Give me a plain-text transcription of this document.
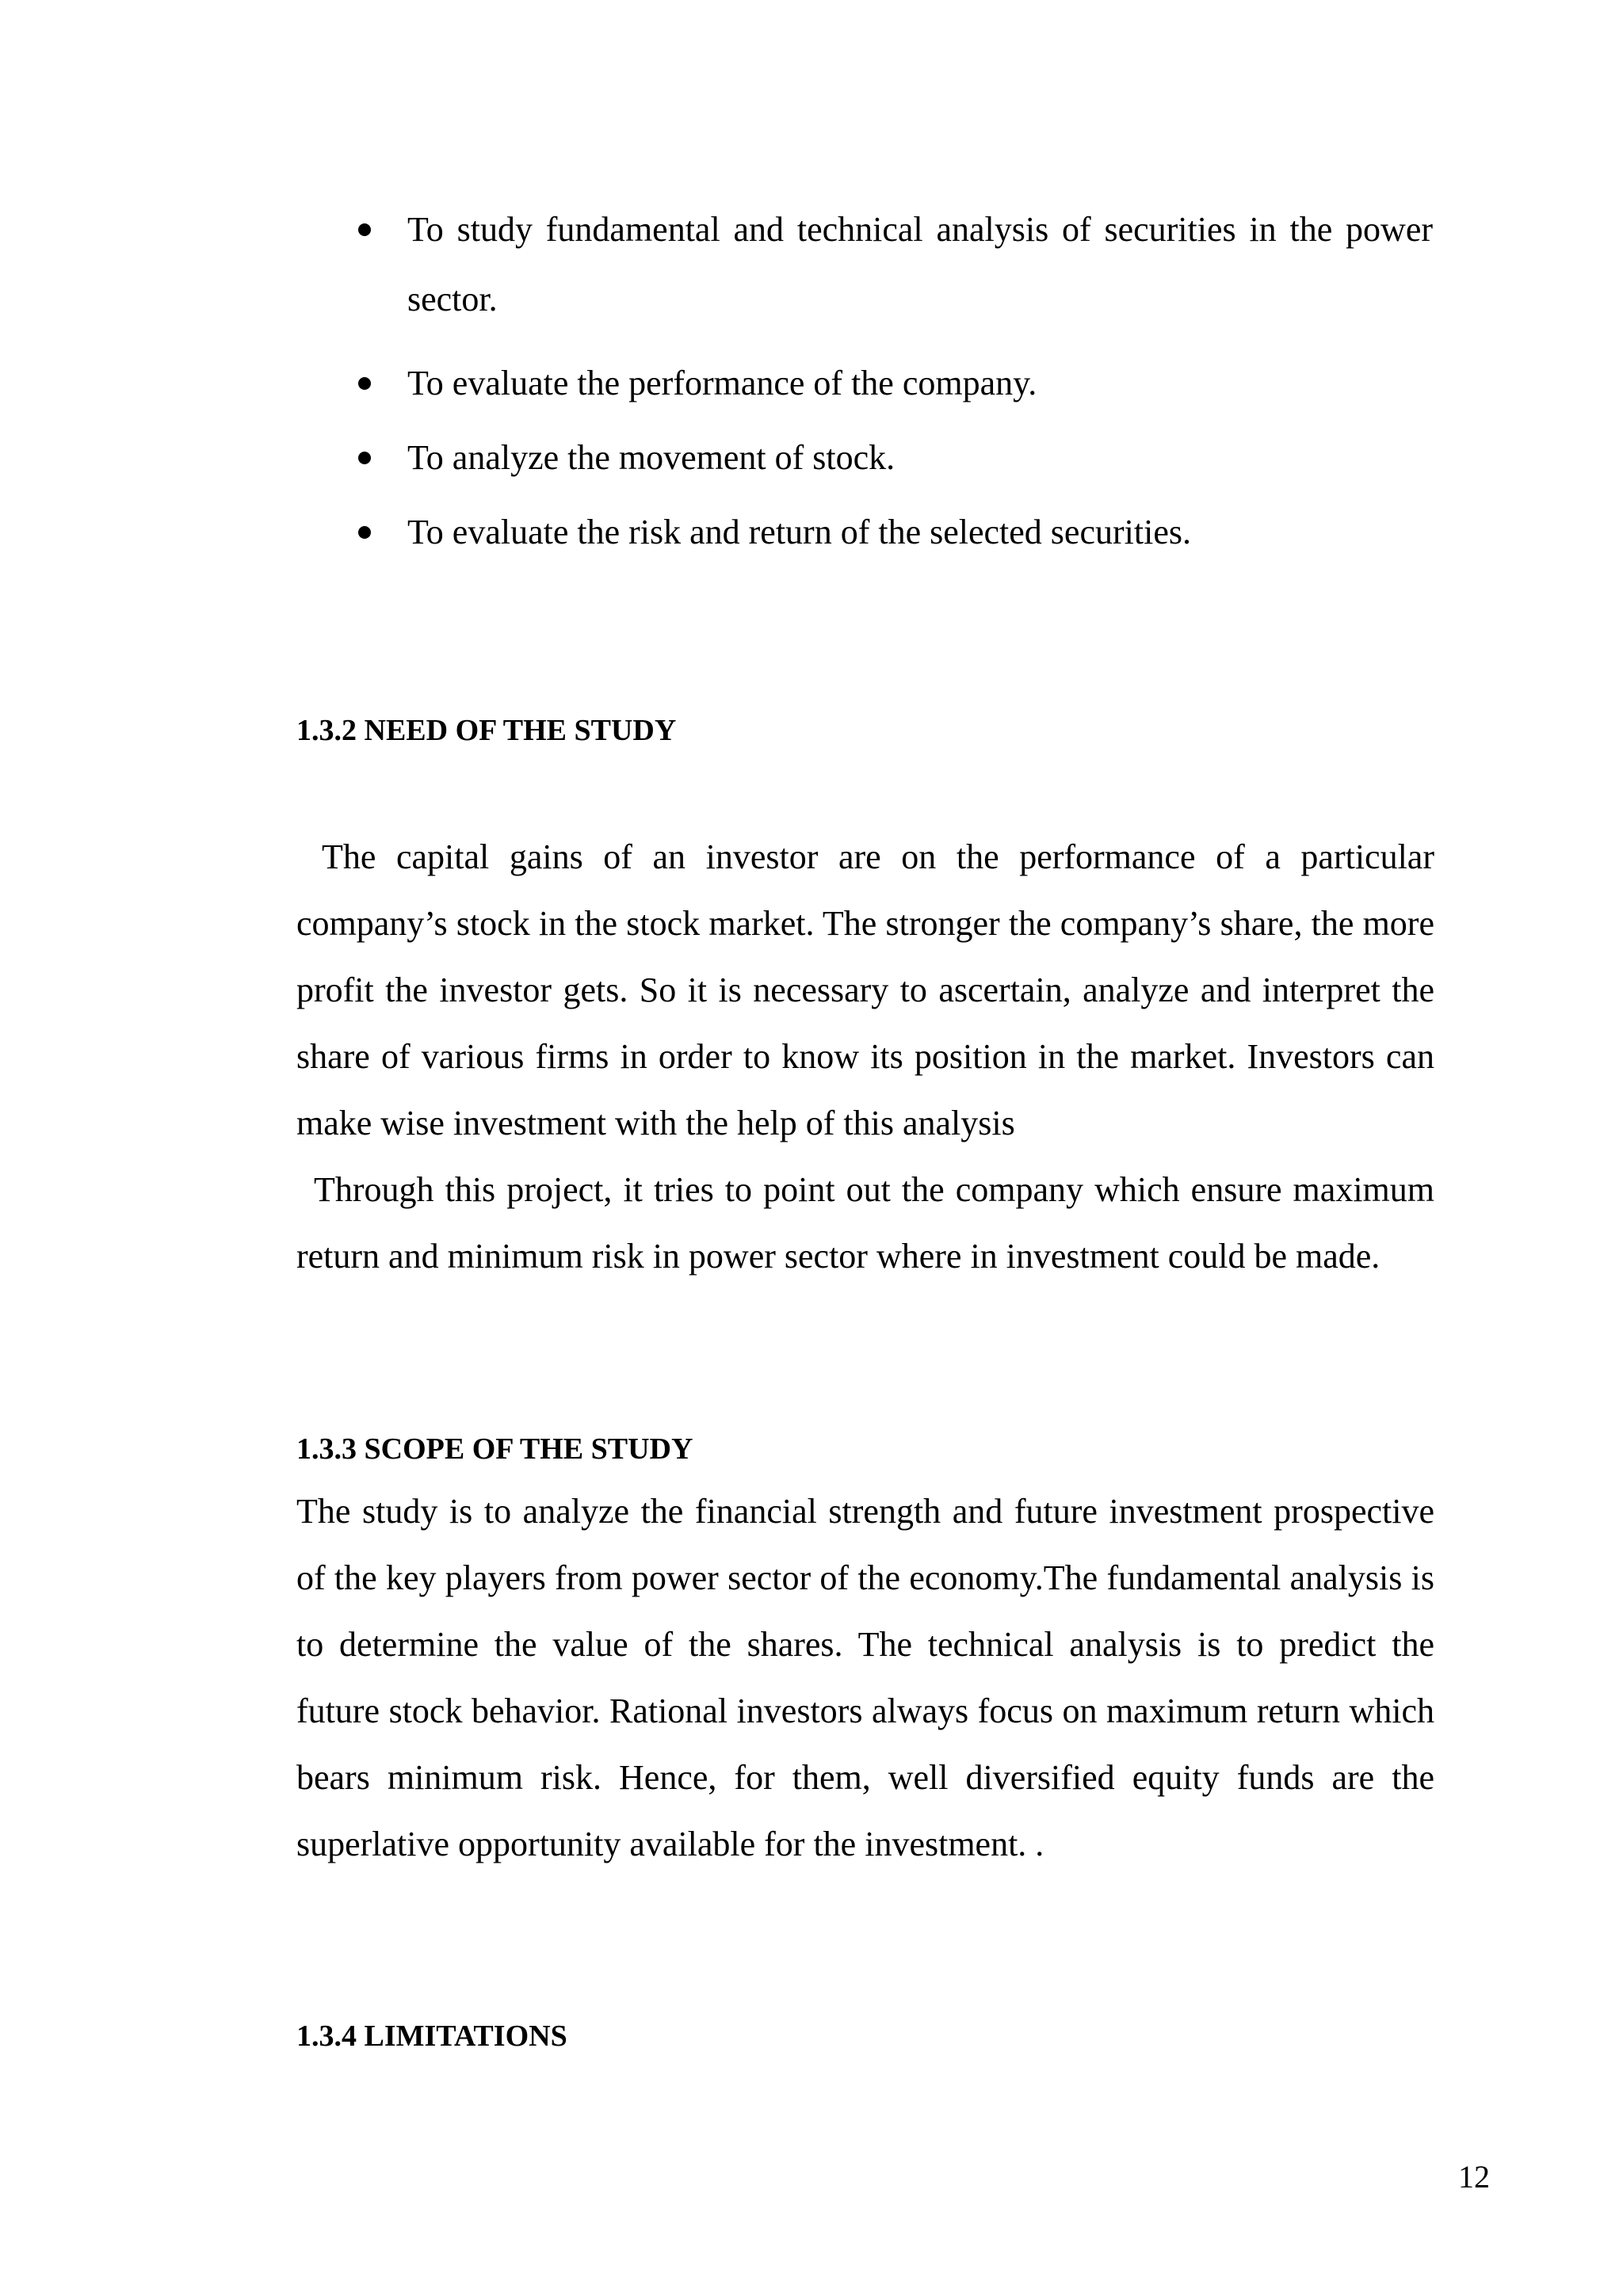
To study fundamental and technical analysis of securities in the power sector.
To evaluate the performance of the company.
To analyze the movement of stock.
To evaluate the risk and return of the selected securities.
1.3.2 NEED OF THE STUDY

The capital gains of an investor are on the performance of a particular company’s stock in the stock market. The stronger the company’s share, the more profit the investor gets. So it is necessary to ascertain, analyze and interpret the share of various firms in order to know its position in the market. Investors can make wise investment with the help of this analysis

Through this project, it tries to point out the company which ensure maximum return and minimum risk in power sector where in investment could be made.

1.3.3 SCOPE OF THE STUDY

The study is to analyze the financial strength and future investment prospective of the key players from power sector of the economy.The fundamental analysis is to determine the value of the shares. The technical analysis is to predict the future stock behavior. Rational investors always focus on maximum return which bears minimum risk. Hence, for them, well diversified equity funds are the superlative opportunity available for the investment. .

1.3.4 LIMITATIONS
12
